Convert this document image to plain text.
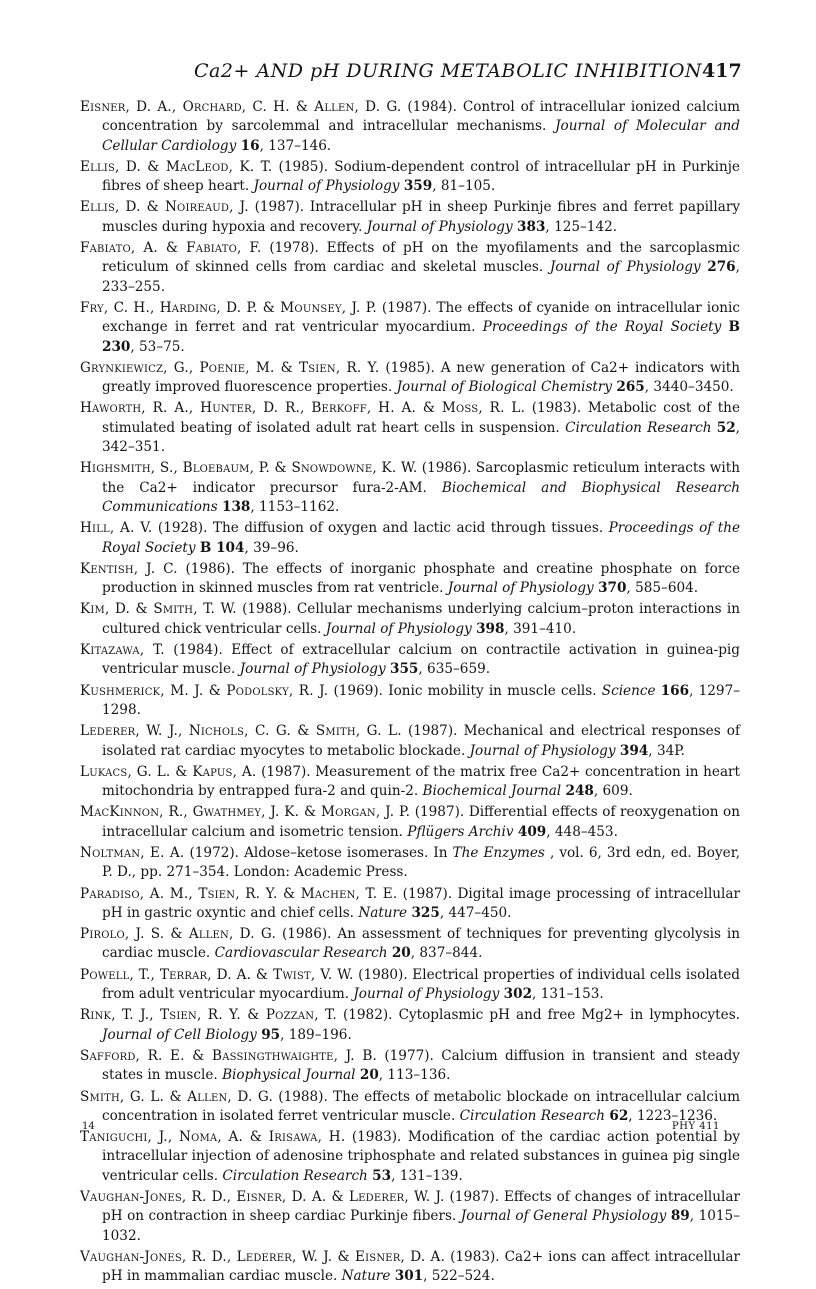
Ca2+ AND pH DURING METABOLIC INHIBITION 417

Eisner, D. A., Orchard, C. H. & Allen, D. G. (1984). Control of intracellular ionized calcium concentration by sarcolemmal and intracellular mechanisms. Journal of Molecular and Cellular Cardiology 16, 137–146.

Ellis, D. & MacLeod, K. T. (1985). Sodium-dependent control of intracellular pH in Purkinje fibres of sheep heart. Journal of Physiology 359, 81–105.

Ellis, D. & Noireaud, J. (1987). Intracellular pH in sheep Purkinje fibres and ferret papillary muscles during hypoxia and recovery. Journal of Physiology 383, 125–142.

Fabiato, A. & Fabiato, F. (1978). Effects of pH on the myofilaments and the sarcoplasmic reticulum of skinned cells from cardiac and skeletal muscles. Journal of Physiology 276, 233–255.

Fry, C. H., Harding, D. P. & Mounsey, J. P. (1987). The effects of cyanide on intracellular ionic exchange in ferret and rat ventricular myocardium. Proceedings of the Royal Society B 230, 53–75.

Grynkiewicz, G., Poenie, M. & Tsien, R. Y. (1985). A new generation of Ca2+ indicators with greatly improved fluorescence properties. Journal of Biological Chemistry 265, 3440–3450.

Haworth, R. A., Hunter, D. R., Berkoff, H. A. & Moss, R. L. (1983). Metabolic cost of the stimulated beating of isolated adult rat heart cells in suspension. Circulation Research 52, 342–351.

Highsmith, S., Bloebaum, P. & Snowdowne, K. W. (1986). Sarcoplasmic reticulum interacts with the Ca2+ indicator precursor fura-2-AM. Biochemical and Biophysical Research Communications 138, 1153–1162.

Hill, A. V. (1928). The diffusion of oxygen and lactic acid through tissues. Proceedings of the Royal Society B 104, 39–96.

Kentish, J. C. (1986). The effects of inorganic phosphate and creatine phosphate on force production in skinned muscles from rat ventricle. Journal of Physiology 370, 585–604.

Kim, D. & Smith, T. W. (1988). Cellular mechanisms underlying calcium–proton interactions in cultured chick ventricular cells. Journal of Physiology 398, 391–410.

Kitazawa, T. (1984). Effect of extracellular calcium on contractile activation in guinea-pig ventricular muscle. Journal of Physiology 355, 635–659.

Kushmerick, M. J. & Podolsky, R. J. (1969). Ionic mobility in muscle cells. Science 166, 1297–1298.

Lederer, W. J., Nichols, C. G. & Smith, G. L. (1987). Mechanical and electrical responses of isolated rat cardiac myocytes to metabolic blockade. Journal of Physiology 394, 34P.

Lukacs, G. L. & Kapus, A. (1987). Measurement of the matrix free Ca2+ concentration in heart mitochondria by entrapped fura-2 and quin-2. Biochemical Journal 248, 609.

MacKinnon, R., Gwathmey, J. K. & Morgan, J. P. (1987). Differential effects of reoxygenation on intracellular calcium and isometric tension. Pflügers Archiv 409, 448–453.

Noltman, E. A. (1972). Aldose–ketose isomerases. In The Enzymes , vol. 6, 3rd edn, ed. Boyer, P. D., pp. 271–354. London: Academic Press.

Paradiso, A. M., Tsien, R. Y. & Machen, T. E. (1987). Digital image processing of intracellular pH in gastric oxyntic and chief cells. Nature 325, 447–450.

Pirolo, J. S. & Allen, D. G. (1986). An assessment of techniques for preventing glycolysis in cardiac muscle. Cardiovascular Research 20, 837–844.

Powell, T., Terrar, D. A. & Twist, V. W. (1980). Electrical properties of individual cells isolated from adult ventricular myocardium. Journal of Physiology 302, 131–153.

Rink, T. J., Tsien, R. Y. & Pozzan, T. (1982). Cytoplasmic pH and free Mg2+ in lymphocytes. Journal of Cell Biology 95, 189–196.

Safford, R. E. & Bassingthwaighte, J. B. (1977). Calcium diffusion in transient and steady states in muscle. Biophysical Journal 20, 113–136.

Smith, G. L. & Allen, D. G. (1988). The effects of metabolic blockade on intracellular calcium concentration in isolated ferret ventricular muscle. Circulation Research 62, 1223–1236.

Taniguchi, J., Noma, A. & Irisawa, H. (1983). Modification of the cardiac action potential by intracellular injection of adenosine triphosphate and related substances in guinea pig single ventricular cells. Circulation Research 53, 131–139.

Vaughan-Jones, R. D., Eisner, D. A. & Lederer, W. J. (1987). Effects of changes of intracellular pH on contraction in sheep cardiac Purkinje fibers. Journal of General Physiology 89, 1015–1032.

Vaughan-Jones, R. D., Lederer, W. J. & Eisner, D. A. (1983). Ca2+ ions can affect intracellular pH in mammalian cardiac muscle. Nature 301, 522–524.

14	PHY 411
